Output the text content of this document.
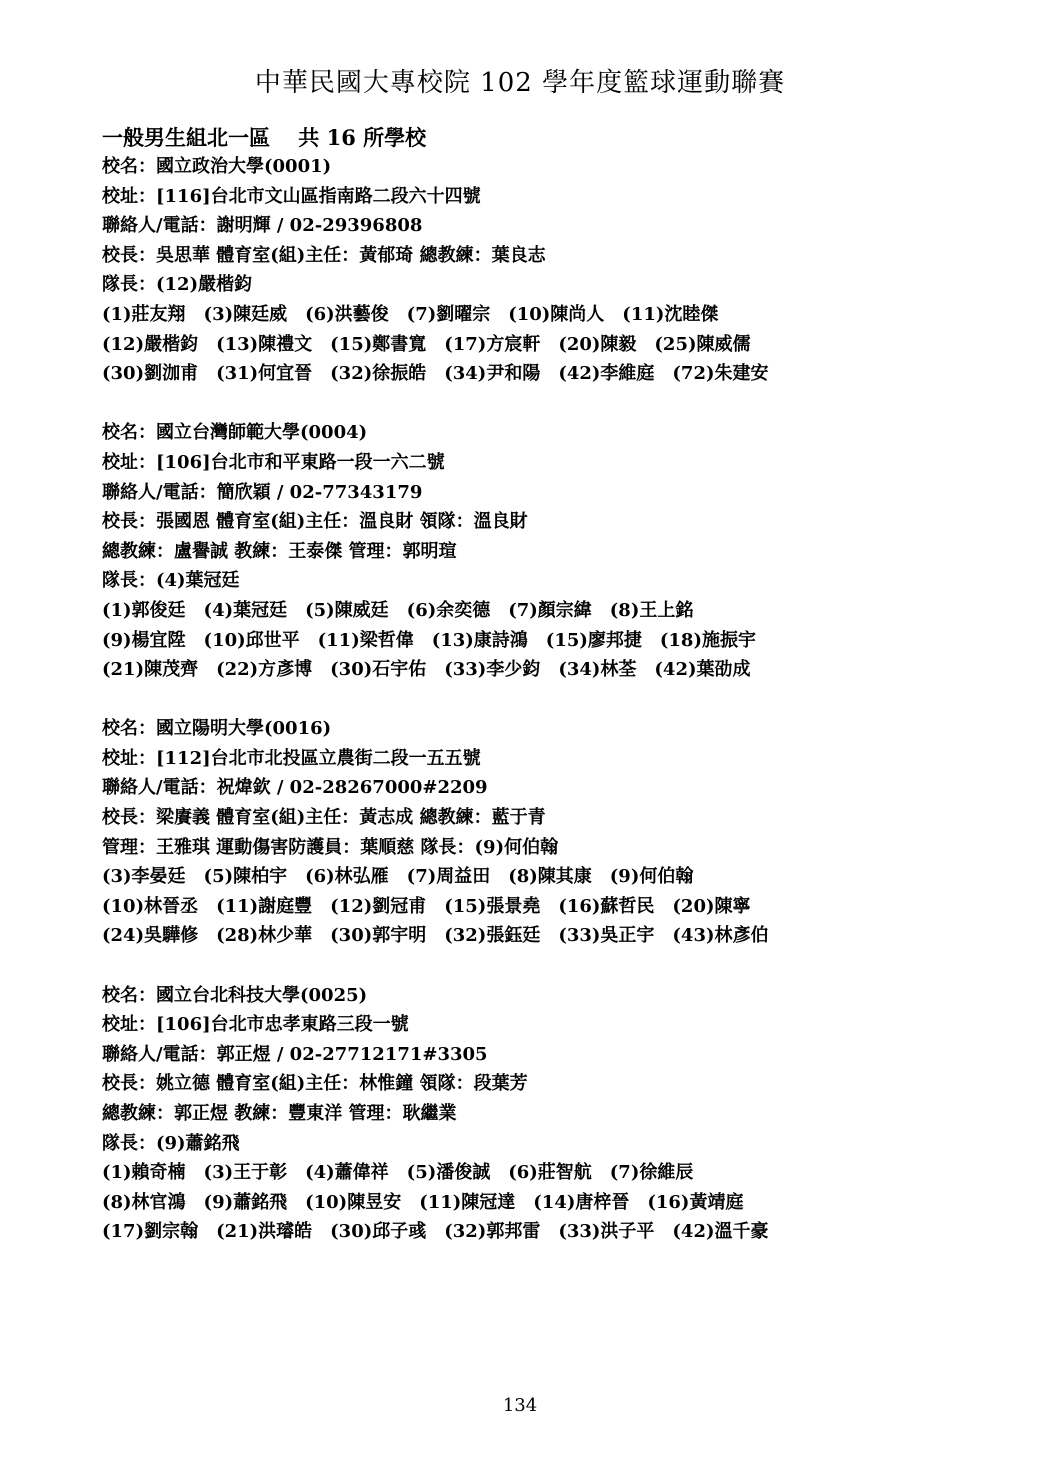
中華民國大專校院 102 學年度籃球運動聯賽
一般男生組北一區　 共 16 所學校
校名：國立政治大學(0001)
校址：[116]台北市文山區指南路二段六十四號
聯絡人/電話：謝明輝 / 02-29396808
校長：吳思華 體育室(組)主任：黃郁琦 總教練：葉良志
隊長：(12)嚴楷鈞
(1)莊友翔　(3)陳廷威　(6)洪藝俊　(7)劉曜宗　(10)陳尚人　(11)沈睦傑
(12)嚴楷鈞　(13)陳禮文　(15)鄭書寬　(17)方宸軒　(20)陳毅　(25)陳威儒
(30)劉泇甫　(31)何宜晉　(32)徐振皓　(34)尹和陽　(42)李維庭　(72)朱建安
校名：國立台灣師範大學(0004)
校址：[106]台北市和平東路一段一六二號
聯絡人/電話：簡欣穎 / 02-77343179
校長：張國恩 體育室(組)主任：溫良財 領隊：溫良財
總教練：盧譽誠 教練：王泰傑 管理：郭明瑄
隊長：(4)葉冠廷
(1)郭俊廷　(4)葉冠廷　(5)陳威廷　(6)余奕德　(7)顏宗緯　(8)王上銘
(9)楊宜陞　(10)邱世平　(11)梁哲偉　(13)康詩鴻　(15)廖邦捷　(18)施振宇
(21)陳茂齊　(22)方彥博　(30)石宇佑　(33)李少鈞　(34)林荃　(42)葉劭成
校名：國立陽明大學(0016)
校址：[112]台北市北投區立農街二段一五五號
聯絡人/電話：祝煒欽 / 02-28267000#2209
校長：梁賡義 體育室(組)主任：黃志成 總教練：藍于青
管理：王雅琪 運動傷害防護員：葉順慈 隊長：(9)何伯翰
(3)李晏廷　(5)陳柏宇　(6)林弘雁　(7)周益田　(8)陳其康　(9)何伯翰
(10)林晉丞　(11)謝庭豐　(12)劉冠甫　(15)張景堯　(16)蘇哲民　(20)陳寧
(24)吳驊修　(28)林少華　(30)郭宇明　(32)張鈺廷　(33)吳正宇　(43)林彥伯
校名：國立台北科技大學(0025)
校址：[106]台北市忠孝東路三段一號
聯絡人/電話：郭正煜 / 02-27712171#3305
校長：姚立德 體育室(組)主任：林惟鐘 領隊：段葉芳
總教練：郭正煜 教練：豐東洋 管理：耿繼業
隊長：(9)蕭銘飛
(1)賴奇楠　(3)王于彰　(4)蕭偉祥　(5)潘俊誠　(6)莊智航　(7)徐維辰
(8)林官鴻　(9)蕭銘飛　(10)陳昱安　(11)陳冠達　(14)唐梓晉　(16)黃靖庭
(17)劉宗翰　(21)洪璿皓　(30)邱子彧　(32)郭邦雷　(33)洪子平　(42)溫千豪
134
